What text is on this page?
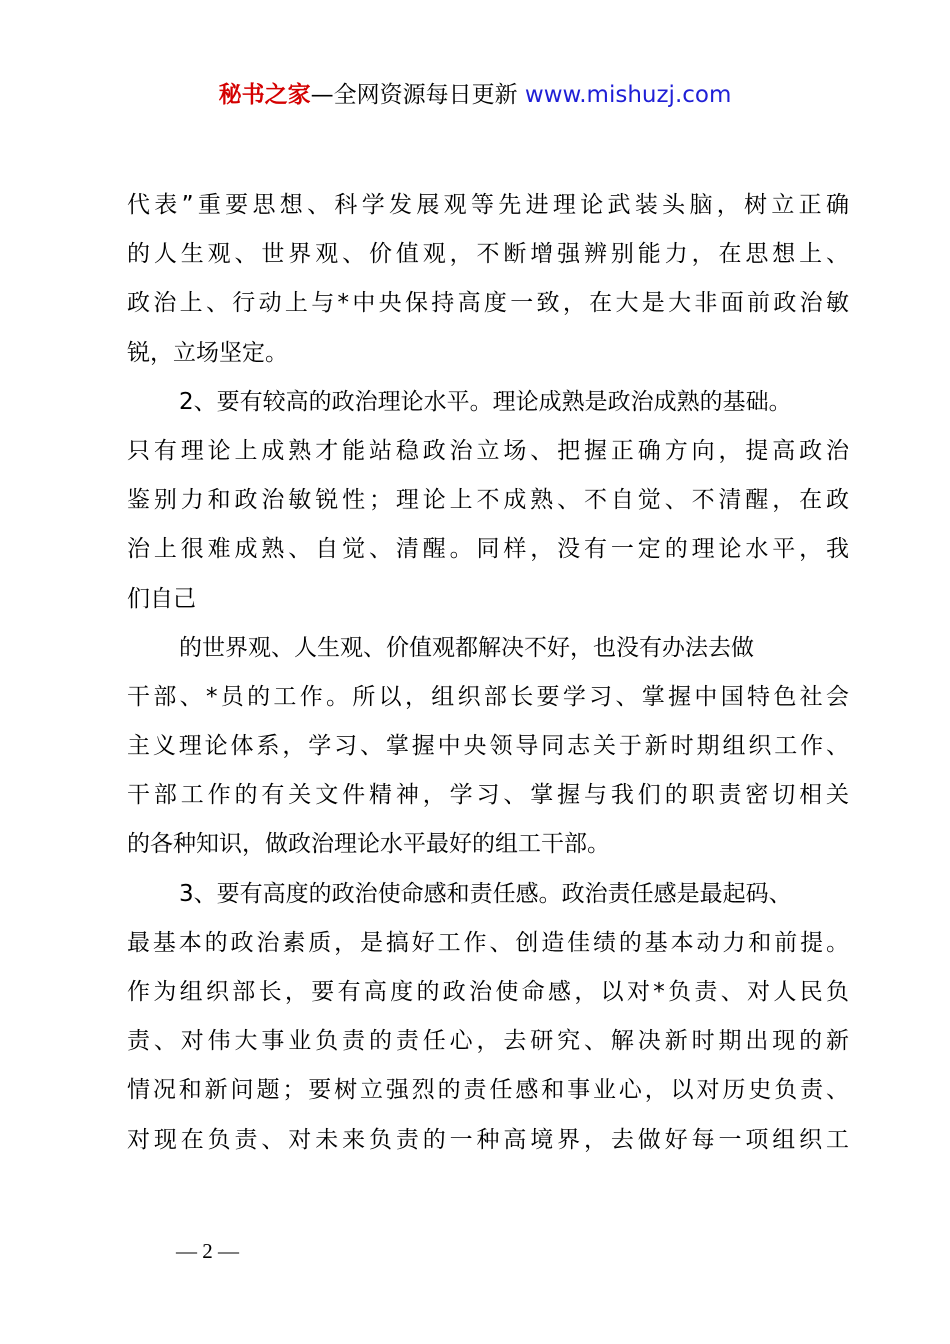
秘书之家—全网资源每日更新 www.mishuzj.com
代表”重要思想、科学发展观等先进理论武装头脑，树立正确
的人生观、世界观、价值观，不断增强辨别能力，在思想上、
政治上、行动上与*中央保持高度一致，在大是大非面前政治敏
锐，立场坚定。
2、要有较高的政治理论水平。理论成熟是政治成熟的基础。
只有理论上成熟才能站稳政治立场、把握正确方向，提高政治
鉴别力和政治敏锐性；理论上不成熟、不自觉、不清醒，在政
治上很难成熟、自觉、清醒。同样，没有一定的理论水平，我
们自己
的世界观、人生观、价值观都解决不好，也没有办法去做
干部、*员的工作。所以，组织部长要学习、掌握中国特色社会
主义理论体系，学习、掌握中央领导同志关于新时期组织工作、
干部工作的有关文件精神，学习、掌握与我们的职责密切相关
的各种知识，做政治理论水平最好的组工干部。
3、要有高度的政治使命感和责任感。政治责任感是最起码、
最基本的政治素质，是搞好工作、创造佳绩的基本动力和前提。
作为组织部长，要有高度的政治使命感，以对*负责、对人民负
责、对伟大事业负责的责任心，去研究、解决新时期出现的新
情况和新问题；要树立强烈的责任感和事业心，以对历史负责、
对现在负责、对未来负责的一种高境界，去做好每一项组织工
— 2 —
